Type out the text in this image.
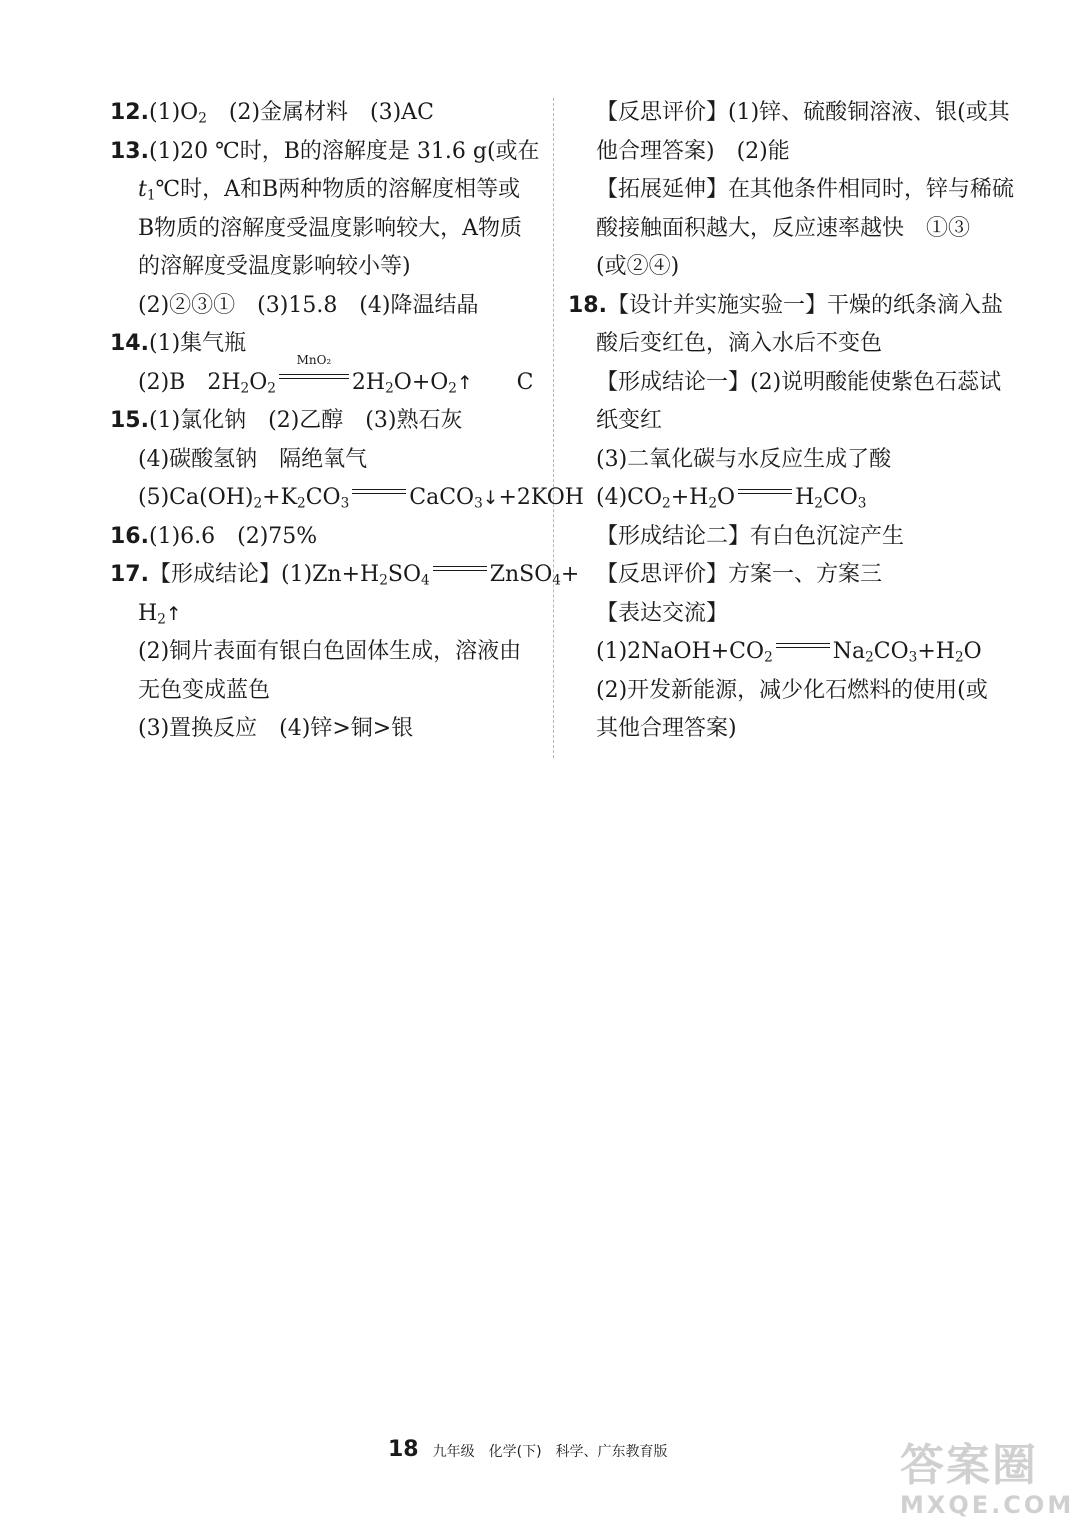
$12.(1)O_2$　(2)金属材料　(3)AC
13.(1)20 ℃时，B的溶解度是 31.6 g(或在
$t_1℃$时，A和B两种物质的溶解度相等或
B物质的溶解度受温度影响较大，A物质
的溶解度受温度影响较小等)
(2)②③①　(3)15.8　(4)降温结晶
14.(1)集气瓶
(2)B　$2H_2O_2$
MnO₂
$2H_2O+O_2↑$　　 C
15.(1)氯化钠　(2)乙醇　(3)熟石灰
(4)碳酸氢钠　隔绝氧气
$(5)Ca(OH)_2+K_2CO_3$	CaCO$_3$↓+2KOH
16.(1)6.6　(2)75%
17.【形成结论】$(1)Zn+H_2SO_4$	ZnSO$_4$+
$H_2↑$
(2)铜片表面有银白色固体生成，溶液由
无色变成蓝色
(3)置换反应　(4)锌>铜>银
【反思评价】(1)锌、硫酸铜溶液、银(或其
他合理答案)　(2)能
【拓展延伸】在其他条件相同时，锌与稀硫
酸接触面积越大，反应速率越快　①③
(或②④)
18.【设计并实施实验一】干燥的纸条滴入盐
酸后变红色，滴入水后不变色
【形成结论一】(2)说明酸能使紫色石蕊试
纸变红
(3)二氧化碳与水反应生成了酸
$(4)CO_2+H_2O$	$H_2CO_3$
【形成结论二】有白色沉淀产生
【反思评价】方案一、方案三
【表达交流】
$(1)2NaOH+CO_2$	$Na_2CO_3+H_2O$
(2)开发新能源，减少化石燃料的使用(或
其他合理答案)
18 九年级 化学(下) 科学、广东教育版	答案圈
MXQE.COM
